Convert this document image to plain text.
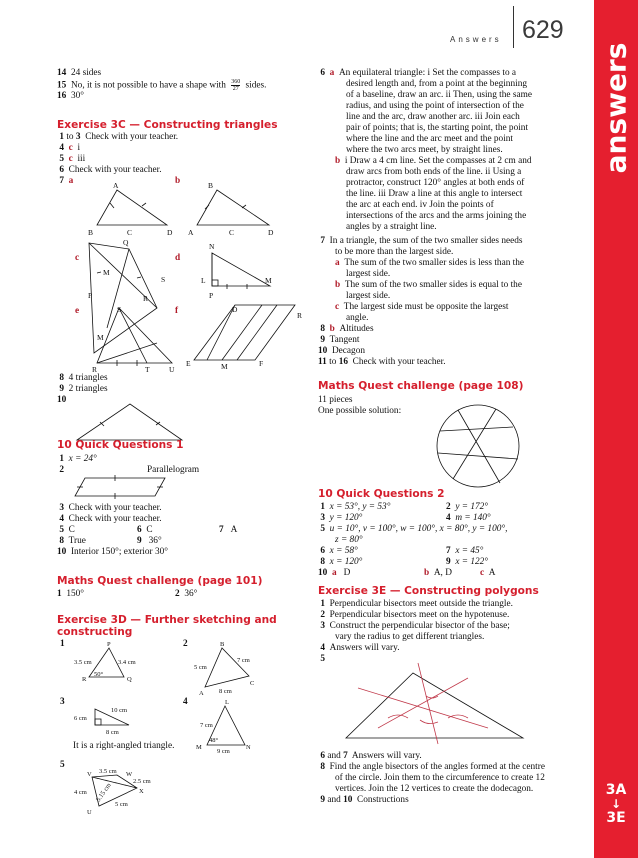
Answers 629
answers
3A
↓
3E
14 24 sides
15 No, it is not possible to have a shape with $\frac{360}{27}$ sides.
16 30°
Exercise 3C — Constructing triangles
1 to 3 Check with your teacher.
4 c i
5 c iii
6 Check with your teacher.
7 a	b
A
B	C	D
B
A	C	D
Q
M
S
R
P
N
L
P
M
c	d
e	f
S
M
R	T	U
D
R
E	M	F
8 4 triangles
9 2 triangles
10
10 Quick Questions 1
1 x = 24°
2	Parallelogram
3 Check with your teacher.
4 Check with your teacher.
5 C	6 C	7 A
8 True	9 36°
10 Interior 150°; exterior 30°
Maths Quest challenge (page 101)
1 150°	2 36°
Exercise 3D — Further sketching and
constructing
1	2
3	4
5
P
R	Q
3.5 cm	3.4 cm
50°
B
A
C
5 cm
7 cm
8 cm
10 cm
6 cm
8 cm
L
M	N
7 cm
9 cm
48°
V	W
X
U
3.5 cm
2.5 cm
4 cm
5 cm
5.15 cm
It is a right-angled triangle.
6 a An equilateral triangle: i Set the compasses to a
desired length and, from a point at the beginning
of a baseline, draw an arc. ii Then, using the same
radius, and using the point of intersection of the
line and the arc, draw another arc. iii Join each
pair of points; that is, the starting point, the point
where the line and the arc meet and the point
where the two arcs meet, by straight lines.
b i Draw a 4 cm line. Set the compasses at 2 cm and
draw arcs from both ends of the line. ii Using a
protractor, construct 120° angles at both ends of
the line. iii Draw a line at this angle to intersect
the arc at each end. iv Join the points of
intersections of the arcs and the arms joining the
angles by a straight line.
7 In a triangle, the sum of the two smaller sides needs
to be more than the largest side.
a The sum of the two smaller sides is less than the
largest side.
b The sum of the two smaller sides is equal to the
largest side.
c The largest side must be opposite the largest
angle.
8 b Altitudes
9 Tangent
10 Decagon
11 to 16 Check with your teacher.
Maths Quest challenge (page 108)
11 pieces
One possible solution:
10 Quick Questions 2
1 x = 53°, y = 53°	2 y = 172°
3 y = 120°	4 m = 140°
5 u = 10°, v = 100°, w = 100°, x = 80°, y = 100°,
z = 80°
6 x = 58°	7 x = 45°
8 x = 120°	9 x = 122°
10 a D	b A, D	c A
Exercise 3E — Constructing polygons
1 Perpendicular bisectors meet outside the triangle.
2 Perpendicular bisectors meet on the hypotenuse.
3 Construct the perpendicular bisector of the base;
vary the radius to get different triangles.
4 Answers will vary.
5
6 and 7 Answers will vary.
8 Find the angle bisectors of the angles formed at the centre
of the circle. Join them to the circumference to create 12
vertices. Join the 12 vertices to create the dodecagon.
9 and 10 Constructions
